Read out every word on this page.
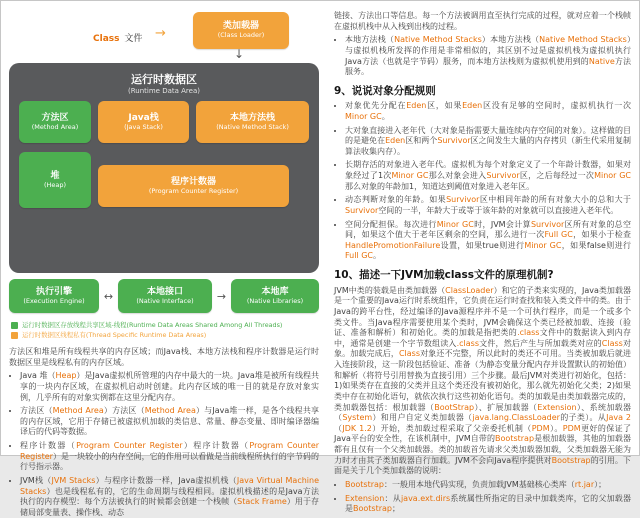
Class 文件 →	类加载器
(Class Loader)
↓
运行时数据区
(Runtime Data Area)
方法区
(Method Area)
Java栈
(Java Stack)
本地方法栈
(Native Method Stack)
堆
(Heap)	程序计数器
(Program Counter Register)
执行引擎
(Execution Engine)	↔	本地接口
(Native Interface)	→	本地库
(Native Libraries)
运行时数据区存放线程共享区域-线程(Runtime Data Areas Shared Among All Threads)
运行时数据区线程私有(Thread Specific Runtime Data Areas)

方法区和堆是所有线程共享的内存区域；而Java栈、本地方法栈和程序计数器是运行时数据区里是线程私有的内存区域。

• Java 堆（Heap）是Java虚拟机所管理的内存中最大的一块。Java堆是被所有线程共享的一块内存区域，在虚拟机启动时创建。此内存区域的唯一目的就是存放对象实例，几乎所有的对象实例都在这里分配内存。
• 方法区（Method Area）方法区（Method Area）与Java堆一样，是各个线程共享的内存区域，它用于存储已被虚拟机加载的类信息、常量、静态变量、即时编译器编译后的代码等数据。
• 程序计数器（Program Counter Register）程序计数器（Program Counter Register）是一块较小的内存空间，它的作用可以看做是当前线程所执行的字节码的行号指示器。
• JVM栈（JVM Stacks）与程序计数器一样，Java虚拟机栈（Java Virtual Machine Stacks）也是线程私有的，它的生命周期与线程相同。虚拟机栈描述的是Java方法执行的内存模型：每个方法被执行的时候都会创建一个栈帧（Stack Frame）用于存储局部变量表、操作栈、动态

链接、方法出口等信息。每一个方法被调用直至执行完成的过程，就对应着一个栈帧在虚拟机栈中从入栈到出栈的过程。

• 本地方法栈（Native Method Stacks）本地方法栈（Native Method Stacks）与虚拟机栈所发挥的作用是非常相似的，其区别不过是虚拟机栈为虚拟机执行Java方法（也就是字节码）服务，而本地方法栈则为虚拟机使用到的Native方法服务。
9、说说对象分配规则
• 对象优先分配在Eden区，如果Eden区没有足够的空间时，虚拟机执行一次Minor GC。
• 大对象直接进入老年代（大对象是指需要大量连续内存空间的对象）。这样做的目的是避免在Eden区和两个Survivor区之间发生大量的内存拷贝（新生代采用复制算法收集内存）。
• 长期存活的对象进入老年代。虚拟机为每个对象定义了一个年龄计数器，如果对象经过了1次Minor GC那么对象会进入Survivor区，之后每经过一次Minor GC那么对象的年龄加1，知道达到阈值对象进入老年区。
• 动态判断对象的年龄。如果Survivor区中相同年龄的所有对象大小的总和大于Survivor空间的一半，年龄大于或等于该年龄的对象就可以直接进入老年代。
• 空间分配担保。每次进行Minor GC时，JVM会计算Survivor区所有对象的总空间，如果这个值大于老年区剩余的空间，那么进行一次Full GC，如果小于检查HandlePromotionFailure设置，如果true则进行Minor GC，如果false则进行Full GC。
10、描述一下JVM加载class文件的原理机制?

JVM中类的装载是由类加载器（ClassLoader）和它的子类来实现的，Java类加载器是一个重要的Java运行时系统组件，它负责在运行时查找和装入类文件中的类。由于Java的跨平台性，经过编译的Java源程序并不是一个可执行程序，而是一个或多个类文件。当Java程序需要使用某个类时，JVM会确保这个类已经被加载、连接（验证、准备和解析）和初始化。类的加载是指把类的.class文件中的数据读入到内存中，通常是创建一个字节数组读入.class文件，然后产生与所加载类对应的Class对象。加载完成后，Class对象还不完整，所以此时的类还不可用。当类被加载后就进入连接阶段，这一阶段包括验证、准备（为静态变量分配内存并设置默认的初始值）和解析（将符号引用替换为直接引用）三个步骤。最后JVM对类进行初始化，包括：1)如果类存在直接的父类并且这个类还没有被初始化，那么就先初始化父类；2)如果类中存在初始化语句，就依次执行这些初始化语句。类的加载是由类加载器完成的，类加载器包括：根加载器（BootStrap）、扩展加载器（Extension）、系统加载器（System）和用户自定义类加载器（java.lang.ClassLoader的子类）。从Java 2（JDK 1.2）开始，类加载过程采取了父亲委托机制（PDM）。PDM更好的保证了Java平台的安全性，在该机制中，JVM自带的Bootstrap是根加载器，其他的加载器都有且仅有一个父类加载器。类的加载首先请求父类加载器加载，父类加载器无能为力时才由其子类加载器自行加载。JVM不会向Java程序提供对Bootstrap的引用。下面是关于几个类加载器的说明：

• Bootstrap：一般用本地代码实现，负责加载JVM基础核心类库（rt.jar）；
• Extension：从java.ext.dirs系统属性所指定的目录中加载类库，它的父加载器是Bootstrap；
